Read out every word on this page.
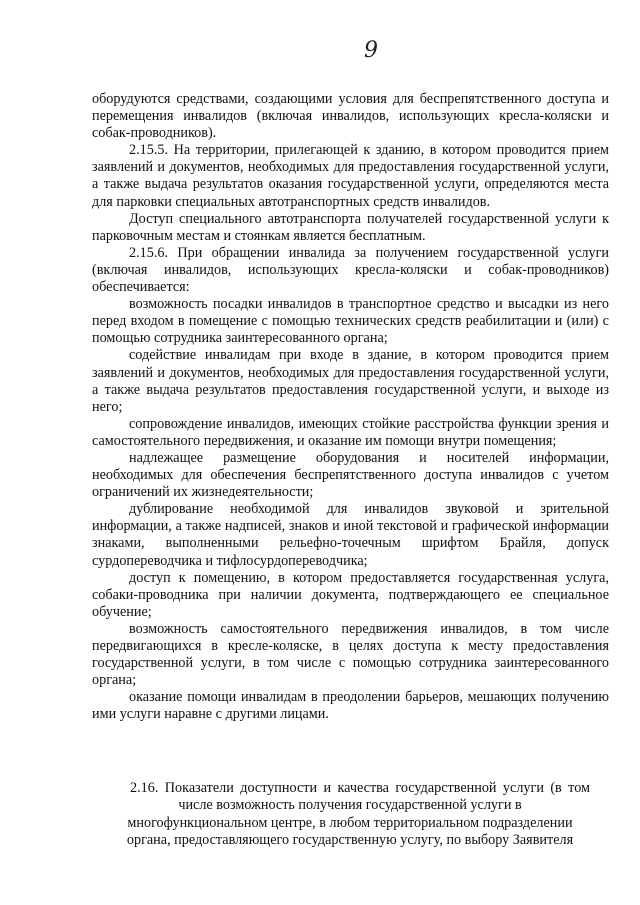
9

оборудуются средствами, создающими условия для беспрепятственного доступа и перемещения инвалидов (включая инвалидов, использующих кресла-коляски и собак-проводников).

2.15.5. На территории, прилегающей к зданию, в котором проводится прием заявлений и документов, необходимых для предоставления государственной услуги, а также выдача результатов оказания государственной услуги, определяются места для парковки специальных автотранспортных средств инвалидов.

Доступ специального автотранспорта получателей государственной услуги к парковочным местам и стоянкам является бесплатным.

2.15.6. При обращении инвалида за получением государственной услуги (включая инвалидов, использующих кресла-коляски и собак-проводников) обеспечивается:

возможность посадки инвалидов в транспортное средство и высадки из него перед входом в помещение с помощью технических средств реабилитации и (или) с помощью сотрудника заинтересованного органа;

содействие инвалидам при входе в здание, в котором проводится прием заявлений и документов, необходимых для предоставления государственной услуги, а также выдача результатов предоставления государственной услуги, и выходе из него;

сопровождение инвалидов, имеющих стойкие расстройства функции зрения и самостоятельного передвижения, и оказание им помощи внутри помещения;

надлежащее размещение оборудования и носителей информации, необходимых для обеспечения беспрепятственного доступа инвалидов с учетом ограничений их жизнедеятельности;

дублирование необходимой для инвалидов звуковой и зрительной информации, а также надписей, знаков и иной текстовой и графической информации знаками, выполненными рельефно-точечным шрифтом Брайля, допуск сурдопереводчика и тифлосурдопереводчика;

доступ к помещению, в котором предоставляется государственная услуга, собаки-проводника при наличии документа, подтверждающего ее специальное обучение;

возможность самостоятельного передвижения инвалидов, в том числе передвигающихся в кресле-коляске, в целях доступа к месту предоставления государственной услуги, в том числе с помощью сотрудника заинтересованного органа;

оказание помощи инвалидам в преодолении барьеров, мешающих получению ими услуги наравне с другими лицами.

2.16. Показатели доступности и качества государственной услуги (в том

числе возможность получения государственной услуги в

многофункциональном центре, в любом территориальном подразделении

органа, предоставляющего государственную услугу, по выбору Заявителя
